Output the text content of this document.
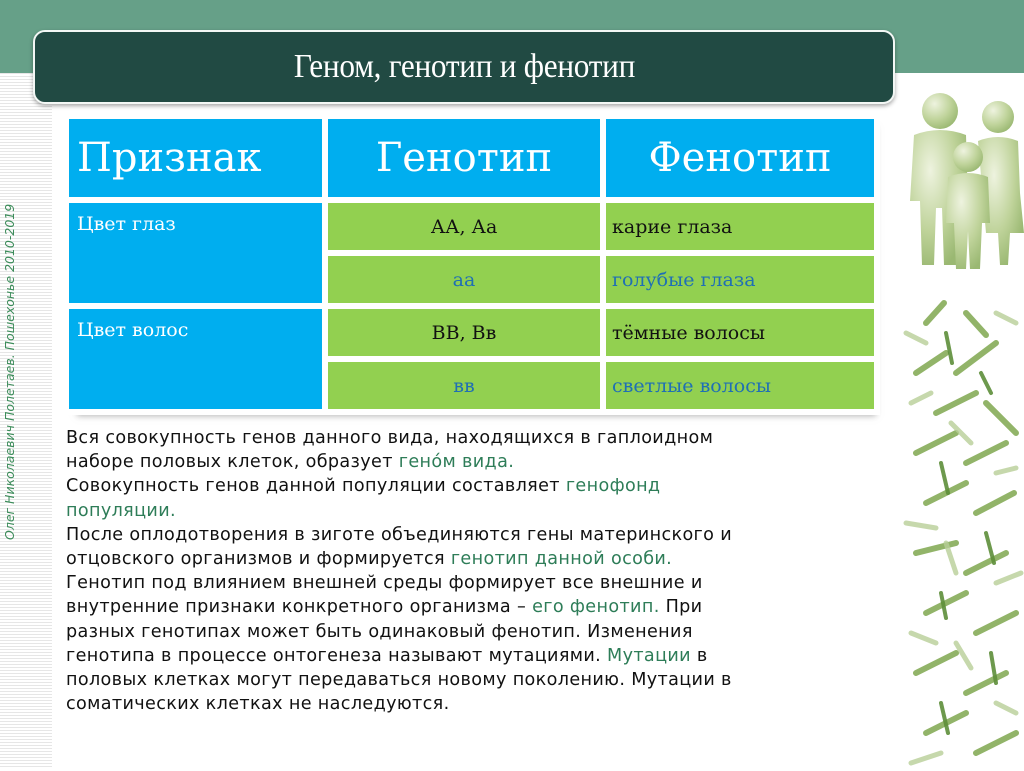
Олег Николаевич Полетаев. Пошехонье 2010-2019
Геном, генотип и фенотип
Признак	Генотип	Фенотип
Цвет глаз	АА, Аа	карие глаза
	аа	голубые глаза
Цвет волос	ВВ, Вв	тёмные волосы
	вв	светлые волосы
Вся совокупность генов данного вида, находящихся в гаплоидном
наборе половых клеток, образует гено́м вида.
Совокупность генов данной популяции составляет генофонд
популяции.
После оплодотворения в зиготе объединяются гены материнского и
отцовского организмов и формируется генотип данной особи.
Генотип под влиянием внешней среды формирует все внешние и
внутренние признаки конкретного организма – его фенотип. При
разных генотипах может быть одинаковый фенотип. Изменения
генотипа в процессе онтогенеза называют мутациями. Мутации в
половых клетках могут передаваться новому поколению. Мутации в
соматических клетках не наследуются.
